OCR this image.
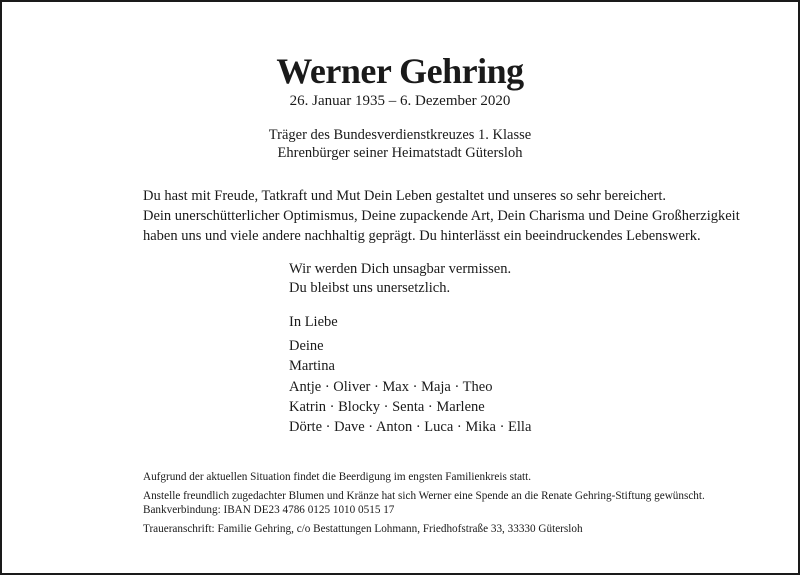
Werner Gehring
26. Januar 1935 – 6. Dezember 2020
Träger des Bundesverdienstkreuzes 1. Klasse
Ehrenbürger seiner Heimatstadt Gütersloh
Du hast mit Freude, Tatkraft und Mut Dein Leben gestaltet und unseres so sehr bereichert.
Dein unerschütterlicher Optimismus, Deine zupackende Art, Dein Charisma und Deine Großherzigkeit
haben uns und viele andere nachhaltig geprägt. Du hinterlässt ein beeindruckendes Lebenswerk.
Wir werden Dich unsagbar vermissen.
Du bleibst uns unersetzlich.
In Liebe
Deine
Martina
Antje · Oliver · Max · Maja · Theo
Katrin · Blocky · Senta · Marlene
Dörte · Dave · Anton · Luca · Mika · Ella
Aufgrund der aktuellen Situation findet die Beerdigung im engsten Familienkreis statt.
Anstelle freundlich zugedachter Blumen und Kränze hat sich Werner eine Spende an die Renate Gehring-Stiftung gewünscht.
Bankverbindung: IBAN DE23 4786 0125 1010 0515 17
Traueranschrift: Familie Gehring, c/o Bestattungen Lohmann, Friedhofstraße 33, 33330 Gütersloh
